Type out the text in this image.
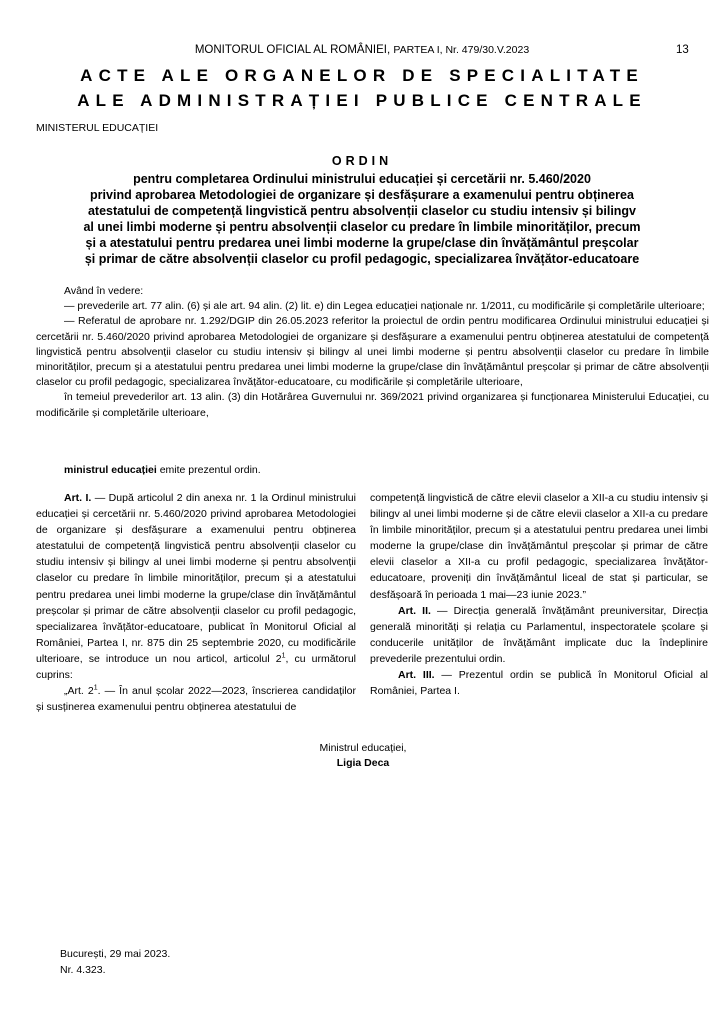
MONITORUL OFICIAL AL ROMÂNIEI, PARTEA I, Nr. 479/30.V.2023	13
ACTE ALE ORGANELOR DE SPECIALITATE
ALE ADMINISTRAȚIEI PUBLICE CENTRALE
MINISTERUL EDUCAȚIEI
ORDIN
pentru completarea Ordinului ministrului educației și cercetării nr. 5.460/2020
privind aprobarea Metodologiei de organizare și desfășurare a examenului pentru obținerea
atestatului de competență lingvistică pentru absolvenții claselor cu studiu intensiv și bilingv
al unei limbi moderne și pentru absolvenții claselor cu predare în limbile minorităților, precum
și a atestatului pentru predarea unei limbi moderne la grupe/clase din învățământul preșcolar
și primar de către absolvenții claselor cu profil pedagogic, specializarea învățător-educatoare

Având în vedere:

— prevederile art. 77 alin. (6) și ale art. 94 alin. (2) lit. e) din Legea educației naționale nr. 1/2011, cu modificările și completările ulterioare;

— Referatul de aprobare nr. 1.292/DGIP din 26.05.2023 referitor la proiectul de ordin pentru modificarea Ordinului ministrului educației și cercetării nr. 5.460/2020 privind aprobarea Metodologiei de organizare și desfășurare a examenului pentru obținerea atestatului de competență lingvistică pentru absolvenții claselor cu studiu intensiv și bilingv al unei limbi moderne și pentru absolvenții claselor cu predare în limbile minorităților, precum și a atestatului pentru predarea unei limbi moderne la grupe/clase din învățământul preșcolar și primar de către absolvenții claselor cu profil pedagogic, specializarea învățător-educatoare, cu modificările și completările ulterioare,

în temeiul prevederilor art. 13 alin. (3) din Hotărârea Guvernului nr. 369/2021 privind organizarea și funcționarea Ministerului Educației, cu modificările și completările ulterioare,

ministrul educației emite prezentul ordin.

Art. I. — După articolul 2 din anexa nr. 1 la Ordinul ministrului educației și cercetării nr. 5.460/2020 privind aprobarea Metodologiei de organizare și desfășurare a examenului pentru obținerea atestatului de competență lingvistică pentru absolvenții claselor cu studiu intensiv și bilingv al unei limbi moderne și pentru absolvenții claselor cu predare în limbile minorităților, precum și a atestatului pentru predarea unei limbi moderne la grupe/clase din învățământul preșcolar și primar de către absolvenții claselor cu profil pedagogic, specializarea învățător-educatoare, publicat în Monitorul Oficial al României, Partea I, nr. 875 din 25 septembrie 2020, cu modificările ulterioare, se introduce un nou articol, articolul $2^1$, cu următorul cuprins:

„Art. $2^1$. — În anul școlar 2022—2023, înscrierea candidaților și susținerea examenului pentru obținerea atestatului de

competență lingvistică de către elevii claselor a XII-a cu studiu intensiv și bilingv al unei limbi moderne și de către elevii claselor a XII-a cu predare în limbile minorităților, precum și a atestatului pentru predarea unei limbi moderne la grupe/clase din învățământul preșcolar și primar de către elevii claselor a XII-a cu profil pedagogic, specializarea învățător-educatoare, proveniți din învățământul liceal de stat și particular, se desfășoară în perioada 1 mai—23 iunie 2023.”

Art. II. — Direcția generală învățământ preuniversitar, Direcția generală minorități și relația cu Parlamentul, inspectoratele școlare și conducerile unităților de învățământ implicate duc la îndeplinire prevederile prezentului ordin.

Art. III. — Prezentul ordin se publică în Monitorul Oficial al României, Partea I.

Ministrul educației,
Ligia Deca
București, 29 mai 2023.
Nr. 4.323.
